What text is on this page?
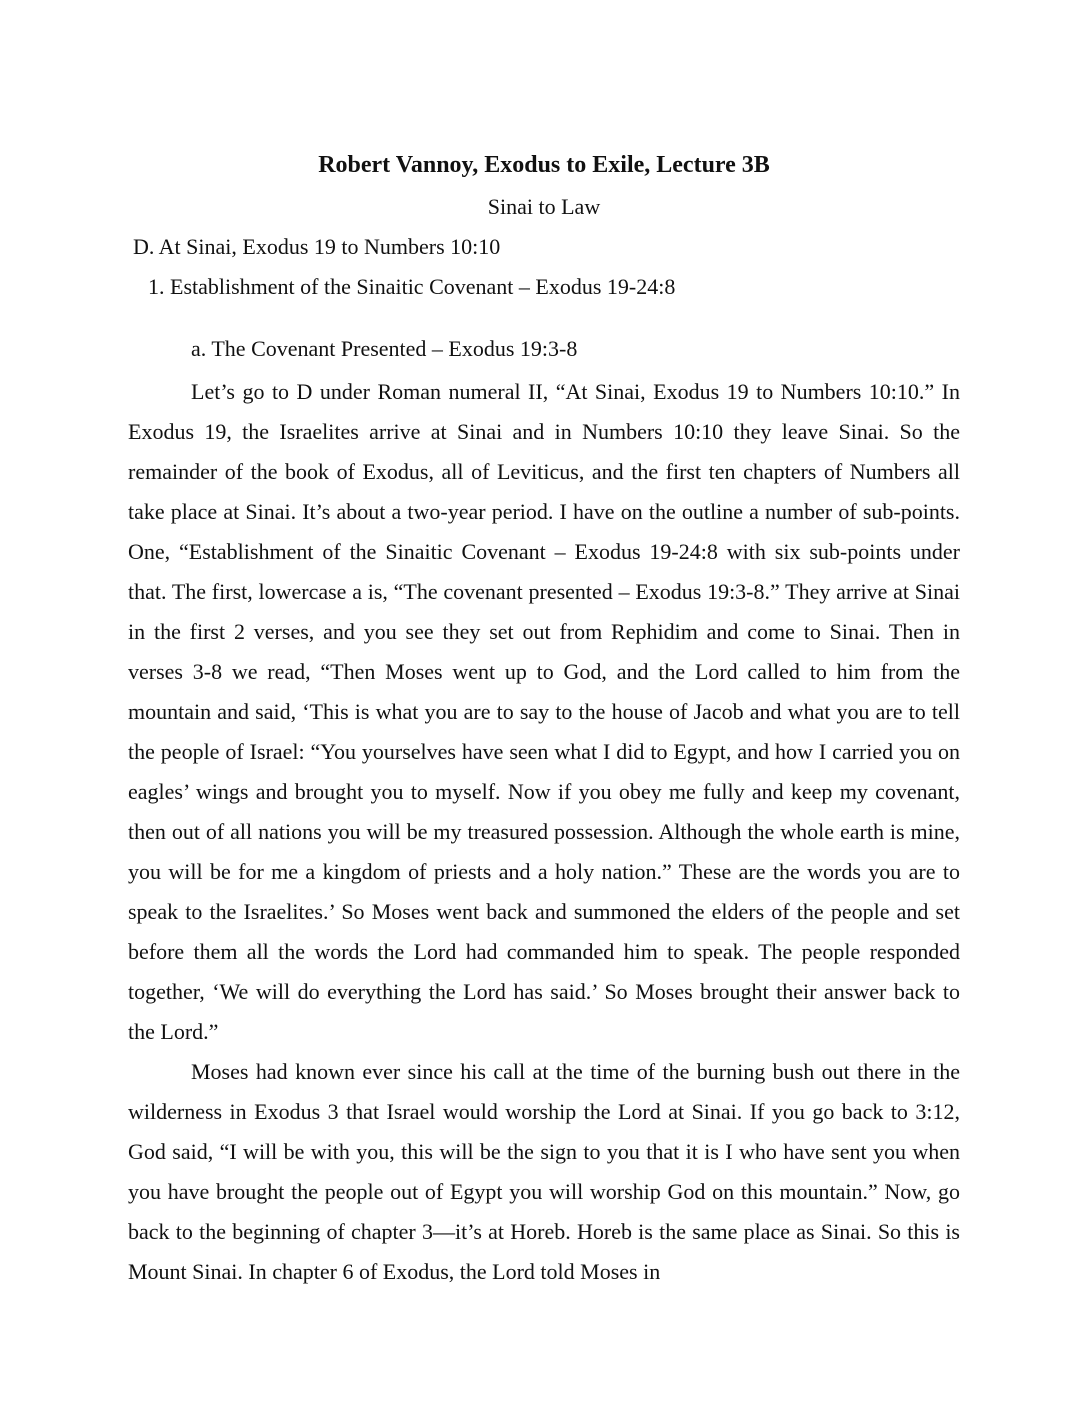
Robert Vannoy, Exodus to Exile, Lecture 3B
Sinai to Law
D. At Sinai, Exodus 19 to Numbers 10:10
1. Establishment of the Sinaitic Covenant – Exodus 19-24:8
a. The Covenant Presented – Exodus 19:3-8

Let’s go to D under Roman numeral II, “At Sinai, Exodus 19 to Numbers 10:10.” In Exodus 19, the Israelites arrive at Sinai and in Numbers 10:10 they leave Sinai. So the remainder of the book of Exodus, all of Leviticus, and the first ten chapters of Numbers all take place at Sinai. It’s about a two-year period. I have on the outline a number of sub-points. One, “Establishment of the Sinaitic Covenant – Exodus 19-24:8 with six sub-points under that. The first, lowercase a is, “The covenant presented – Exodus 19:3-8.” They arrive at Sinai in the first 2 verses, and you see they set out from Rephidim and come to Sinai. Then in verses 3-8 we read, “Then Moses went up to God, and the Lord called to him from the mountain and said, ‘This is what you are to say to the house of Jacob and what you are to tell the people of Israel: “You yourselves have seen what I did to Egypt, and how I carried you on eagles’ wings and brought you to myself. Now if you obey me fully and keep my covenant, then out of all nations you will be my treasured possession. Although the whole earth is mine, you will be for me a kingdom of priests and a holy nation.” These are the words you are to speak to the Israelites.’ So Moses went back and summoned the elders of the people and set before them all the words the Lord had commanded him to speak. The people responded together, ‘We will do everything the Lord has said.’ So Moses brought their answer back to the Lord.”

Moses had known ever since his call at the time of the burning bush out there in the wilderness in Exodus 3 that Israel would worship the Lord at Sinai. If you go back to 3:12, God said, “I will be with you, this will be the sign to you that it is I who have sent you when you have brought the people out of Egypt you will worship God on this mountain.” Now, go back to the beginning of chapter 3—it’s at Horeb. Horeb is the same place as Sinai. So this is Mount Sinai. In chapter 6 of Exodus, the Lord told Moses in
